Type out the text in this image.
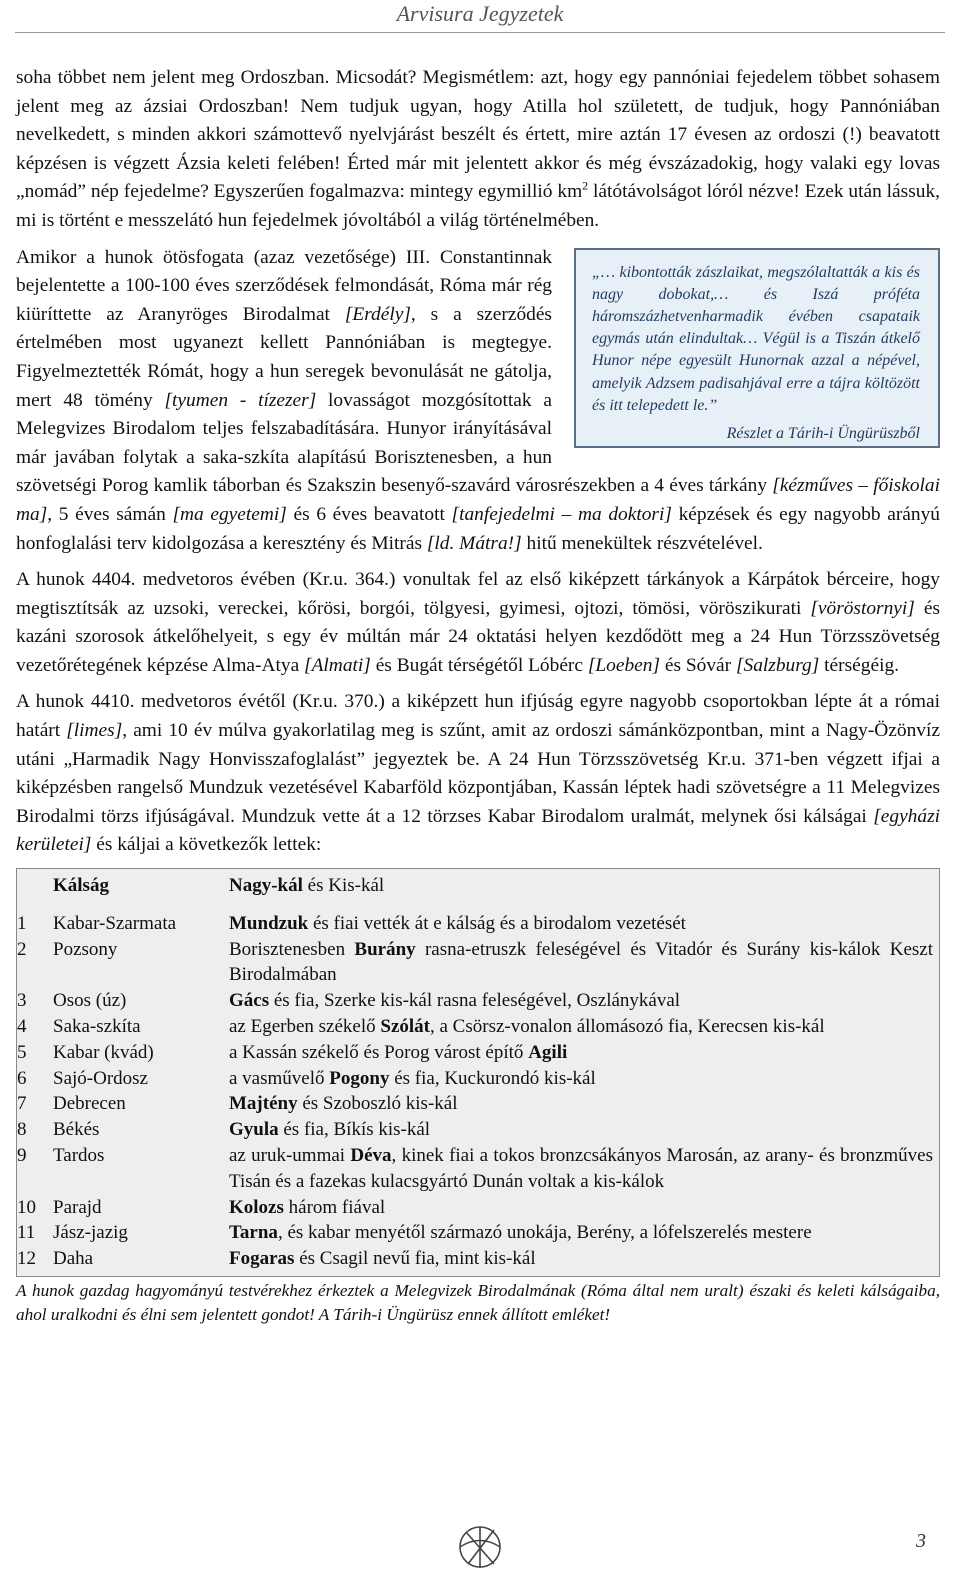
Arvisura Jegyzetek

soha többet nem jelent meg Ordoszban. Micsodát? Megismétlem: azt, hogy egy pannóniai fejedelem többet sohasem jelent meg az ázsiai Ordoszban! Nem tudjuk ugyan, hogy Atilla hol született, de tudjuk, hogy Pannóniában nevelkedett, s minden akkori számottevő nyelvjárást beszélt és értett, mire aztán 17 évesen az ordoszi (!) beavatott képzésen is végzett Ázsia keleti felében! Érted már mit jelentett akkor és még évszázadokig, hogy valaki egy lovas „nomád” nép fejedelme? Egyszerűen fogalmazva: mintegy egymillió $km^2$ látótávolságot lóról nézve! Ezek után lássuk, mi is történt e messzelátó hun fejedelmek jóvoltából a világ történelmében.

„… kibontották zászlaikat, megszólaltatták a kis és nagy dobokat,… és Iszá próféta háromszázhetvenharmadik évében csapataik egymás után elindultak… Végül is a Tiszán átkelő Hunor népe egyesült Hunornak azzal a népével, amelyik Adzsem padisahjával erre a tájra költözött és itt telepedett le.”
Részlet a Tárih-i Üngürüszből

Amikor a hunok ötösfogata (azaz vezetősége) III. Constantinnak bejelentette a 100-100 éves szerződések felmondását, Róma már rég kiüríttette az Aranyröges Birodalmat [Erdély], s a szerződés értelmében most ugyanezt kellett Pannóniában is megtegye. Figyelmeztették Rómát, hogy a hun seregek bevonulását ne gátolja, mert 48 tömény [tyumen - tízezer] lovasságot mozgósítottak a Melegvizes Birodalom teljes felszabadítására. Hunyor irányításával már javában folytak a saka-szkíta alapítású Borisztenesben, a hun szövetségi Porog kamlik táborban és Szakszin besenyő-szavárd városrészekben a 4 éves tárkány [kézműves – főiskolai ma], 5 éves sámán [ma egyetemi] és 6 éves beavatott [tanfejedelmi – ma doktori] képzések és egy nagyobb arányú honfoglalási terv kidolgozása a keresztény és Mitrás [ld. Mátra!] hitű menekültek részvételével.

A hunok 4404. medvetoros évében (Kr.u. 364.) vonultak fel az első kiképzett tárkányok a Kárpátok bérceire, hogy megtisztítsák az uzsoki, vereckei, kőrösi, borgói, tölgyesi, gyimesi, ojtozi, tömösi, vöröszikurati [vöröstornyi] és kazáni szorosok átkelőhelyeit, s egy év múltán már 24 oktatási helyen kezdődött meg a 24 Hun Törzsszövetség vezetőrétegének képzése Alma-Atya [Almati] és Bugát térségétől Lóbérc [Loeben] és Sóvár [Salzburg] térségéig.

A hunok 4410. medvetoros évétől (Kr.u. 370.) a kiképzett hun ifjúság egyre nagyobb csoportokban lépte át a római határt [limes], ami 10 év múlva gyakorlatilag meg is szűnt, amit az ordoszi sámánközpontban, mint a Nagy-Özönvíz utáni „Harmadik Nagy Honvisszafoglalást” jegyeztek be. A 24 Hun Törzsszövetség Kr.u. 371-ben végzett ifjai a kiképzésben rangelső Mundzuk vezetésével Kabarföld központjában, Kassán léptek hadi szövetségre a 11 Melegvizes Birodalmi törzs ifjúságával. Mundzuk vette át a 12 törzses Kabar Birodalom uralmát, melynek ősi kálságai [egyházi kerületei] és káljai a következők lettek:

Kálság	Nagy-kál és Kis-kál
1	Kabar-Szarmata	Mundzuk és fiai vették át e kálság és a birodalom vezetését
2	Pozsony	Borisztenesben Burány rasna-etruszk feleségével és Vitadór és Surány kis-kálok Keszt Birodalmában
3	Osos (úz)	Gács és fia, Szerke kis-kál rasna feleségével, Oszlánykával
4	Saka-szkíta	az Egerben székelő Szólát, a Csörsz-vonalon állomásozó fia, Kerecsen kis-kál
5	Kabar (kvád)	a Kassán székelő és Porog várost építő Agili
6	Sajó-Ordosz	a vasművelő Pogony és fia, Kuckurondó kis-kál
7	Debrecen	Majtény és Szoboszló kis-kál
8	Békés	Gyula és fia, Bíkís kis-kál
9	Tardos	az uruk-ummai Déva, kinek fiai a tokos bronzcsákányos Marosán, az arany- és bronzműves Tisán és a fazekas kulacsgyártó Dunán voltak a kis-kálok
10 Parajd	Kolozs három fiával
11 Jász-jazig	Tarna, és kabar menyétől származó unokája, Berény, a lófelszerelés mestere
12 Daha	Fogaras és Csagil nevű fia, mint kis-kál
A hunok gazdag hagyományú testvérekhez érkeztek a Melegvizek Birodalmának (Róma által nem uralt) északi és keleti kálságaiba, ahol uralkodni és élni sem jelentett gondot! A Tárih-i Üngürüsz ennek állított emléket!
3
